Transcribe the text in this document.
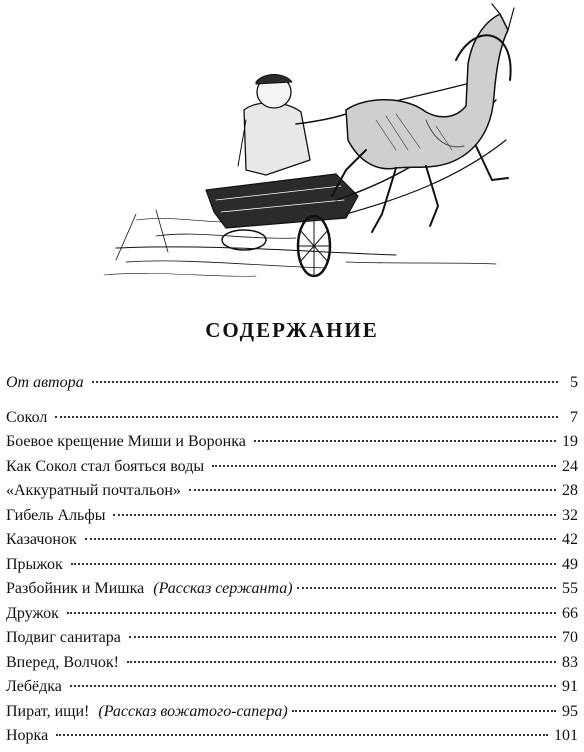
СОДЕРЖАНИЕ
От автора	5
Сокол	7
Боевое крещение Миши и Воронка	19
Как Сокол стал бояться воды	24
«Аккуратный почтальон»	28
Гибель Альфы	32
Казачонок	42
Прыжок	49
Разбойник и Мишка (Рассказ сержанта)	55
Дружок	66
Подвиг санитара	70
Вперед, Волчок!	83
Лебёдка	91
Пират, ищи! (Рассказ вожатого-сапера)	95
Норка	101
